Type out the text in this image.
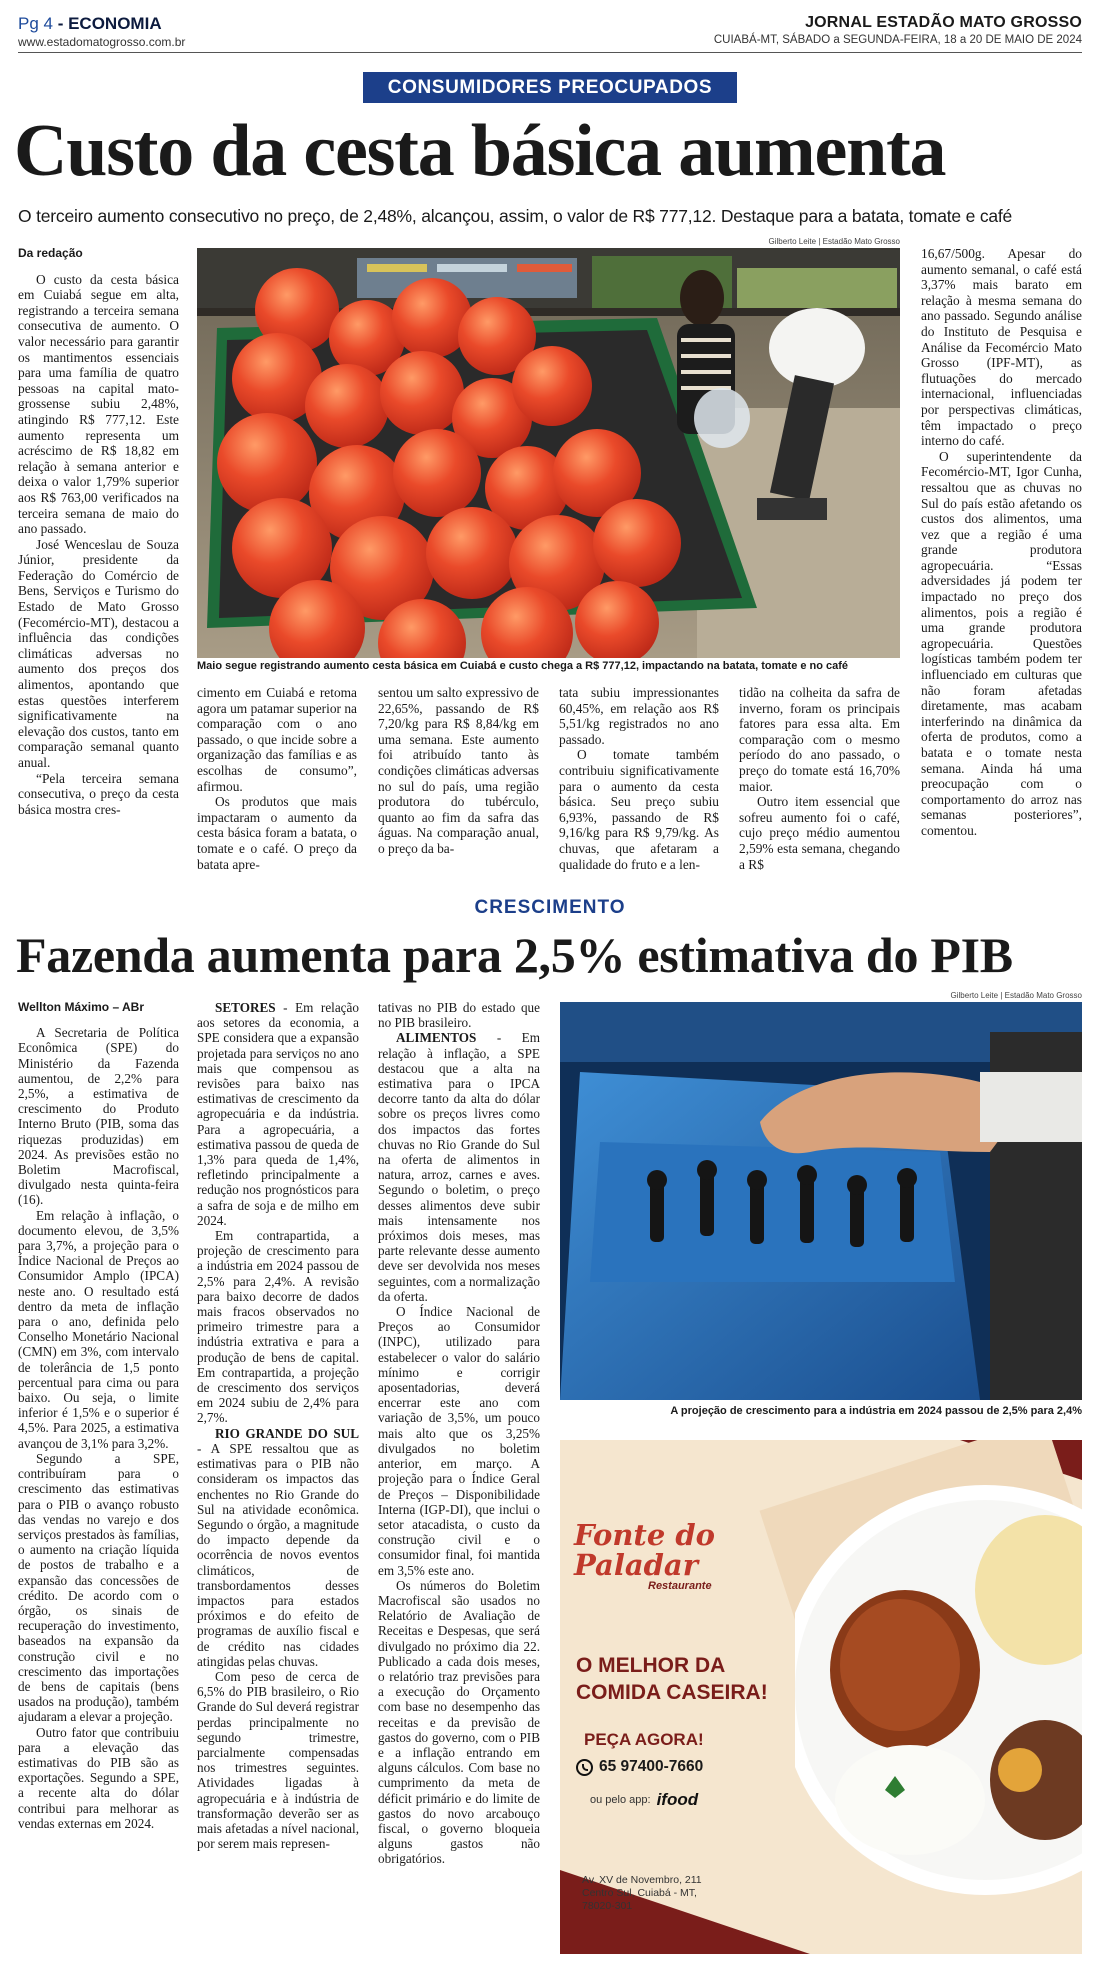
Pg 4 - ECONOMIA
www.estadomatogrosso.com.br
JORNAL ESTADÃO MATO GROSSO
CUIABÁ-MT, SÁBADO a SEGUNDA-FEIRA, 18 a 20 DE MAIO DE 2024
CONSUMIDORES PREOCUPADOS
Custo da cesta básica aumenta
O terceiro aumento consecutivo no preço, de 2,48%, alcançou, assim, o valor de R$ 777,12. Destaque para a batata, tomate e café

Da redação

O custo da cesta básica em Cuiabá segue em alta, registrando a terceira semana consecutiva de aumento. O valor necessário para garantir os mantimentos essenciais para uma família de quatro pessoas na capital mato-grossense subiu 2,48%, atingindo R$ 777,12. Este aumento representa um acréscimo de R$ 18,82 em relação à semana anterior e deixa o valor 1,79% superior aos R$ 763,00 verificados na terceira semana de maio do ano passado.

José Wenceslau de Souza Júnior, presidente da Federação do Comércio de Bens, Serviços e Turismo do Estado de Mato Grosso (Fecomércio-MT), destacou a influência das condições climáticas adversas no aumento dos preços dos alimentos, apontando que estas questões interferem significativamente na elevação dos custos, tanto em comparação semanal quanto anual.

“Pela terceira semana consecutiva, o preço da cesta básica mostra cres-

Gilberto Leite | Estadão Mato Grosso
Maio segue registrando aumento cesta básica em Cuiabá e custo chega a R$ 777,12, impactando na batata, tomate e no café

cimento em Cuiabá e retoma agora um patamar superior na comparação com o ano passado, o que incide sobre a organização das famílias e as escolhas de consumo”, afirmou.

Os produtos que mais impactaram o aumento da cesta básica foram a batata, o tomate e o café. O preço da batata apre-

sentou um salto expressivo de 22,65%, passando de R$ 7,20/kg para R$ 8,84/kg em uma semana. Este aumento foi atribuído tanto às condições climáticas adversas no sul do país, uma região produtora do tubérculo, quanto ao fim da safra das águas. Na comparação anual, o preço da ba-

tata subiu impressionantes 60,45%, em relação aos R$ 5,51/kg registrados no ano passado.

O tomate também contribuiu significativamente para o aumento da cesta básica. Seu preço subiu 6,93%, passando de R$ 9,16/kg para R$ 9,79/kg. As chuvas, que afetaram a qualidade do fruto e a len-

tidão na colheita da safra de inverno, foram os principais fatores para essa alta. Em comparação com o mesmo período do ano passado, o preço do tomate está 16,70% maior.

Outro item essencial que sofreu aumento foi o café, cujo preço médio aumentou 2,59% esta semana, chegando a R$

16,67/500g. Apesar do aumento semanal, o café está 3,37% mais barato em relação à mesma semana do ano passado. Segundo análise do Instituto de Pesquisa e Análise da Fecomércio Mato Grosso (IPF-MT), as flutuações do mercado internacional, influenciadas por perspectivas climáticas, têm impactado o preço interno do café.

O superintendente da Fecomércio-MT, Igor Cunha, ressaltou que as chuvas no Sul do país estão afetando os custos dos alimentos, uma vez que a região é uma grande produtora agropecuária. “Essas adversidades já podem ter impactado no preço dos alimentos, pois a região é uma grande produtora agropecuária. Questões logísticas também podem ter influenciado em culturas que não foram afetadas diretamente, mas acabam interferindo na dinâmica da oferta de produtos, como a batata e o tomate nesta semana. Ainda há uma preocupação com o comportamento do arroz nas semanas posteriores”, comentou.

CRESCIMENTO
Fazenda aumenta para 2,5% estimativa do PIB

Wellton Máximo – ABr

A Secretaria de Política Econômica (SPE) do Ministério da Fazenda aumentou, de 2,2% para 2,5%, a estimativa de crescimento do Produto Interno Bruto (PIB, soma das riquezas produzidas) em 2024. As previsões estão no Boletim Macrofiscal, divulgado nesta quinta-feira (16).

Em relação à inflação, o documento elevou, de 3,5% para 3,7%, a projeção para o Índice Nacional de Preços ao Consumidor Amplo (IPCA) neste ano. O resultado está dentro da meta de inflação para o ano, definida pelo Conselho Monetário Nacional (CMN) em 3%, com intervalo de tolerância de 1,5 ponto percentual para cima ou para baixo. Ou seja, o limite inferior é 1,5% e o superior é 4,5%. Para 2025, a estimativa avançou de 3,1% para 3,2%.

Segundo a SPE, contribuíram para o crescimento das estimativas para o PIB o avanço robusto das vendas no varejo e dos serviços prestados às famílias, o aumento na criação líquida de postos de trabalho e a expansão das concessões de crédito. De acordo com o órgão, os sinais de recuperação do investimento, baseados na expansão da construção civil e no crescimento das importações de bens de capitais (bens usados na produção), também ajudaram a elevar a projeção.

Outro fator que contribuiu para a elevação das estimativas do PIB são as exportações. Segundo a SPE, a recente alta do dólar contribui para melhorar as vendas externas em 2024.

SETORES - Em relação aos setores da economia, a SPE considera que a expansão projetada para serviços no ano mais que compensou as revisões para baixo nas estimativas de crescimento da agropecuária e da indústria. Para a agropecuária, a estimativa passou de queda de 1,3% para queda de 1,4%, refletindo principalmente a redução nos prognósticos para a safra de soja e de milho em 2024.

Em contrapartida, a projeção de crescimento para a indústria em 2024 passou de 2,5% para 2,4%. A revisão para baixo decorre de dados mais fracos observados no primeiro trimestre para a indústria extrativa e para a produção de bens de capital. Em contrapartida, a projeção de crescimento dos serviços em 2024 subiu de 2,4% para 2,7%.

RIO GRANDE DO SUL - A SPE ressaltou que as estimativas para o PIB não consideram os impactos das enchentes no Rio Grande do Sul na atividade econômica. Segundo o órgão, a magnitude do impacto depende da ocorrência de novos eventos climáticos, de transbordamentos desses impactos para estados próximos e do efeito de programas de auxílio fiscal e de crédito nas cidades atingidas pelas chuvas.

Com peso de cerca de 6,5% do PIB brasileiro, o Rio Grande do Sul deverá registrar perdas principalmente no segundo trimestre, parcialmente compensadas nos trimestres seguintes. Atividades ligadas à agropecuária e à indústria de transformação deverão ser as mais afetadas a nível nacional, por serem mais represen-

tativas no PIB do estado que no PIB brasileiro.

ALIMENTOS - Em relação à inflação, a SPE destacou que a alta na estimativa para o IPCA decorre tanto da alta do dólar sobre os preços livres como dos impactos das fortes chuvas no Rio Grande do Sul na oferta de alimentos in natura, arroz, carnes e aves. Segundo o boletim, o preço desses alimentos deve subir mais intensamente nos próximos dois meses, mas parte relevante desse aumento deve ser devolvida nos meses seguintes, com a normalização da oferta.

O Índice Nacional de Preços ao Consumidor (INPC), utilizado para estabelecer o valor do salário mínimo e corrigir aposentadorias, deverá encerrar este ano com variação de 3,5%, um pouco mais alto que os 3,25% divulgados no boletim anterior, em março. A projeção para o Índice Geral de Preços – Disponibilidade Interna (IGP-DI), que inclui o setor atacadista, o custo da construção civil e o consumidor final, foi mantida em 3,5% este ano.

Os números do Boletim Macrofiscal são usados no Relatório de Avaliação de Receitas e Despesas, que será divulgado no próximo dia 22. Publicado a cada dois meses, o relatório traz previsões para a execução do Orçamento com base no desempenho das receitas e da previsão de gastos do governo, com o PIB e a inflação entrando em alguns cálculos. Com base no cumprimento da meta de déficit primário e do limite de gastos do novo arcabouço fiscal, o governo bloqueia alguns gastos não obrigatórios.

Gilberto Leite | Estadão Mato Grosso
A projeção de crescimento para a indústria em 2024 passou de 2,5% para 2,4%
Fonte do
Paladar
Restaurante
O MELHOR DA
COMIDA CASEIRA!
PEÇA AGORA!
65 97400-7660
ou pelo app: ifood
Av. XV de Novembro, 211
Centro Sul, Cuiabá - MT,
78020-301
